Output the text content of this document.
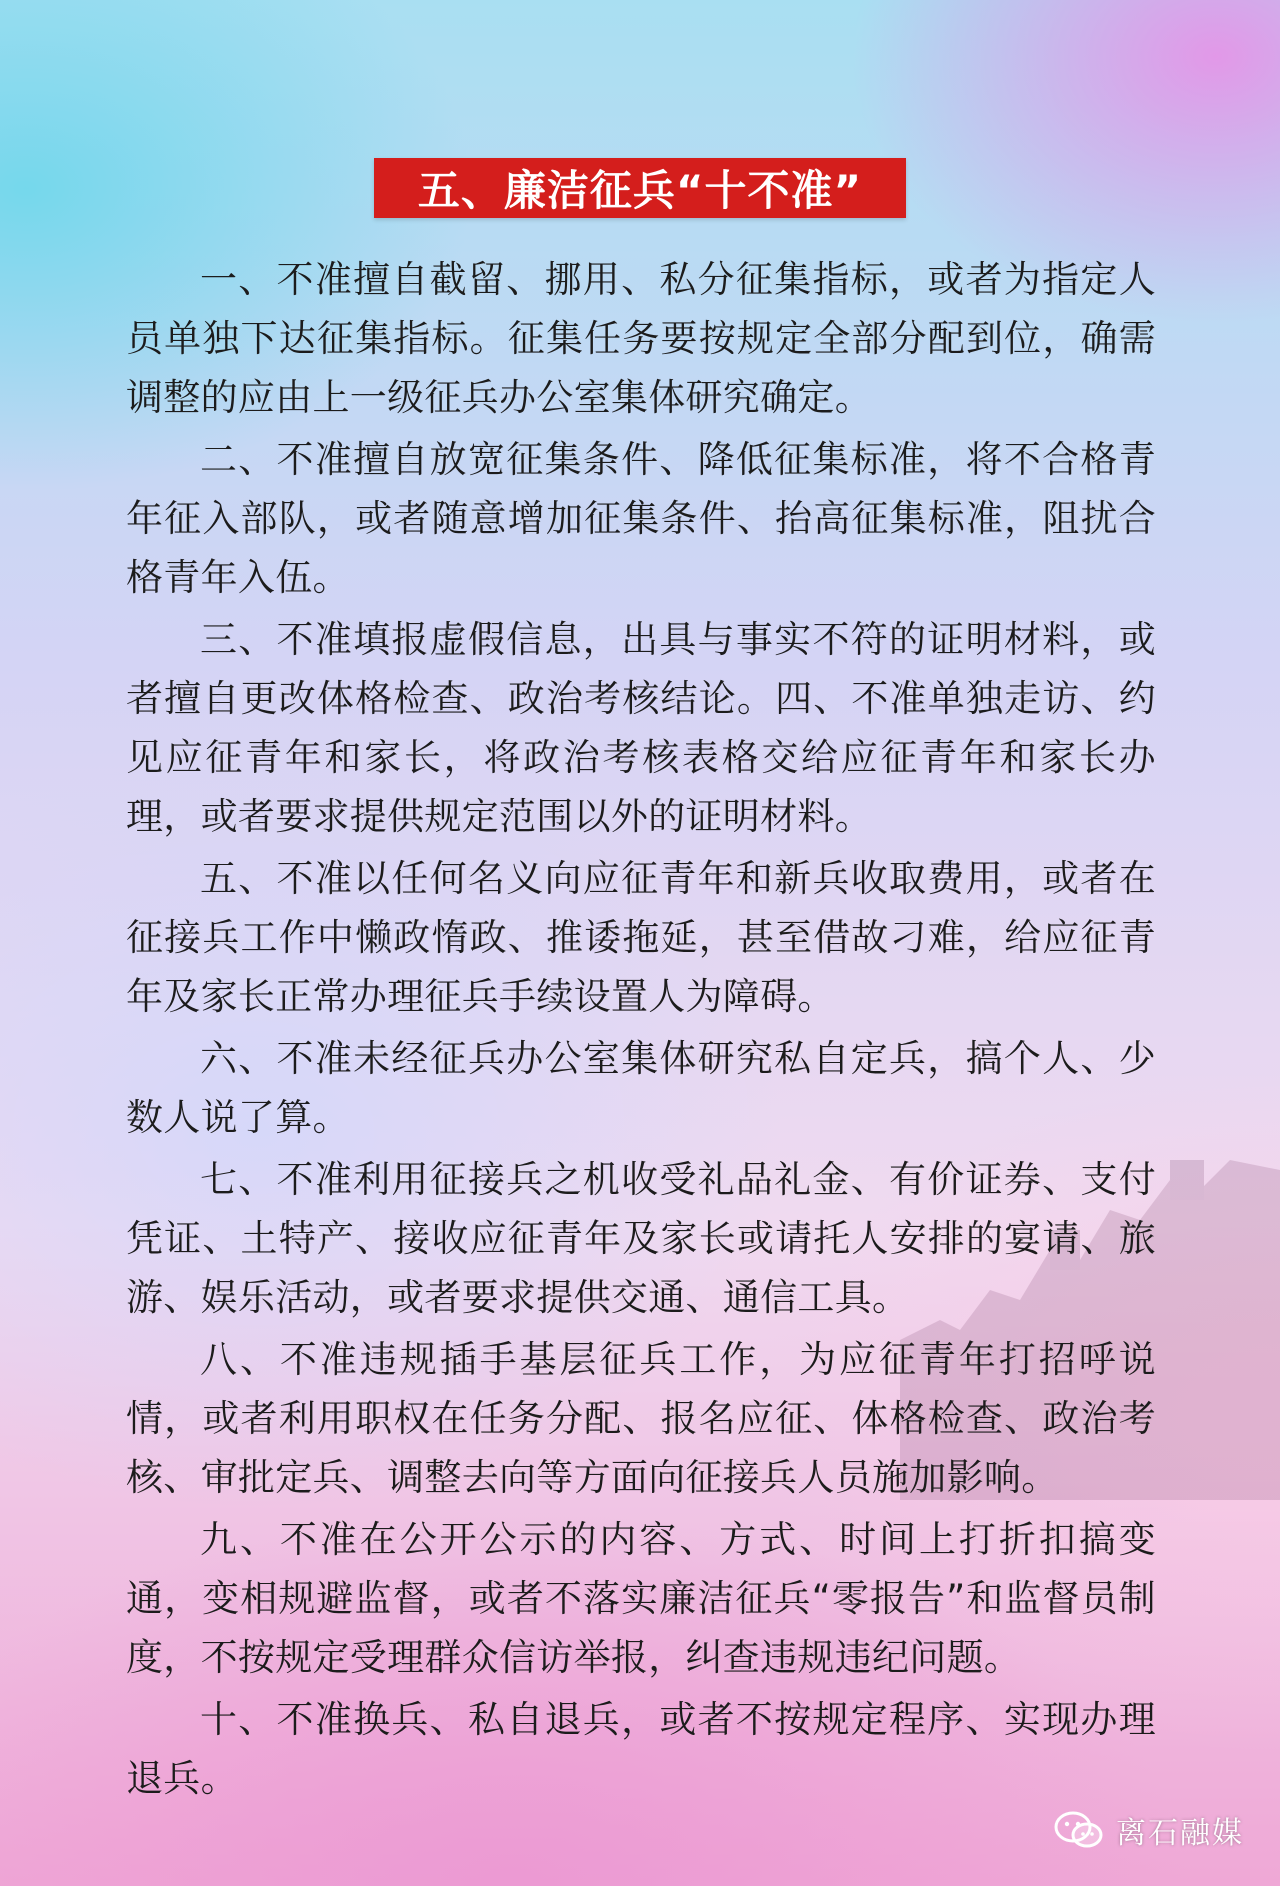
五、廉洁征兵“十不准”

一、不准擅自截留、挪用、私分征集指标，或者为指定人员单独下达征集指标。征集任务要按规定全部分配到位，确需调整的应由上一级征兵办公室集体研究确定。

二、不准擅自放宽征集条件、降低征集标准，将不合格青年征入部队，或者随意增加征集条件、抬高征集标准，阻扰合格青年入伍。

三、不准填报虚假信息，出具与事实不符的证明材料，或者擅自更改体格检查、政治考核结论。四、不准单独走访、约见应征青年和家长，将政治考核表格交给应征青年和家长办理，或者要求提供规定范围以外的证明材料。

五、不准以任何名义向应征青年和新兵收取费用，或者在征接兵工作中懒政惰政、推诿拖延，甚至借故刁难，给应征青年及家长正常办理征兵手续设置人为障碍。

六、不准未经征兵办公室集体研究私自定兵，搞个人、少数人说了算。

七、不准利用征接兵之机收受礼品礼金、有价证券、支付凭证、土特产、接收应征青年及家长或请托人安排的宴请、旅游、娱乐活动，或者要求提供交通、通信工具。

八、不准违规插手基层征兵工作，为应征青年打招呼说情，或者利用职权在任务分配、报名应征、体格检查、政治考核、审批定兵、调整去向等方面向征接兵人员施加影响。

九、不准在公开公示的内容、方式、时间上打折扣搞变通，变相规避监督，或者不落实廉洁征兵“零报告”和监督员制度，不按规定受理群众信访举报，纠查违规违纪问题。

十、不准换兵、私自退兵，或者不按规定程序、实现办理退兵。

离石融媒
